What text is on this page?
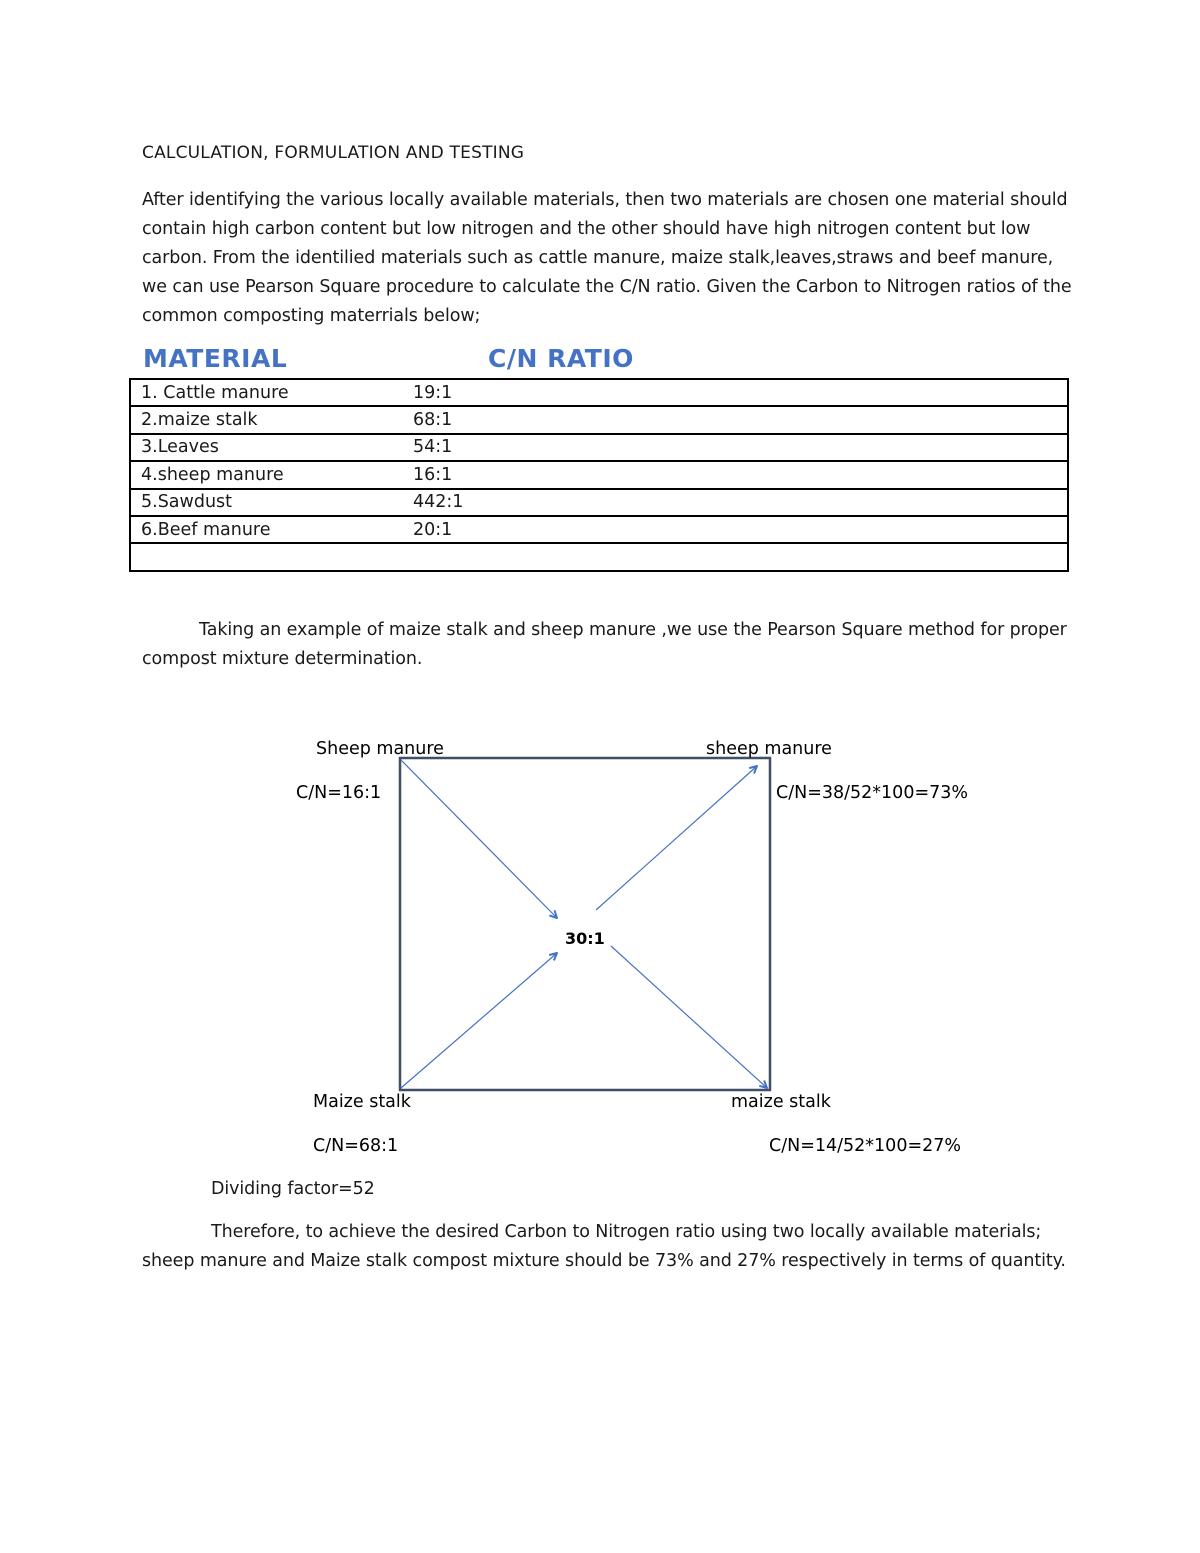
CALCULATION, FORMULATION AND TESTING
After identifying the various locally available materials, then two materials are chosen one material should contain high carbon content but low nitrogen and the other should have high nitrogen content but low carbon. From the identilied materials such as cattle manure, maize stalk,leaves,straws and beef manure, we can use Pearson Square procedure to calculate the C/N ratio. Given the Carbon to Nitrogen ratios of the common composting materrials below;
MATERIAL	C/N RATIO
1. Cattle manure	19:1
2.maize stalk	68:1
3.Leaves	54:1
4.sheep manure	16:1
5.Sawdust	442:1
6.Beef manure	20:1

Taking an example of maize stalk and sheep manure ,we use the Pearson Square method for proper compost mixture determination.
Sheep manure
C/N=16:1
sheep manure
C/N=38/52*100=73%
30:1
Maize stalk
C/N=68:1
maize stalk
C/N=14/52*100=27%
Dividing factor=52
Therefore, to achieve the desired Carbon to Nitrogen ratio using two locally available materials; sheep manure and Maize stalk compost mixture should be 73% and 27% respectively in terms of quantity.
